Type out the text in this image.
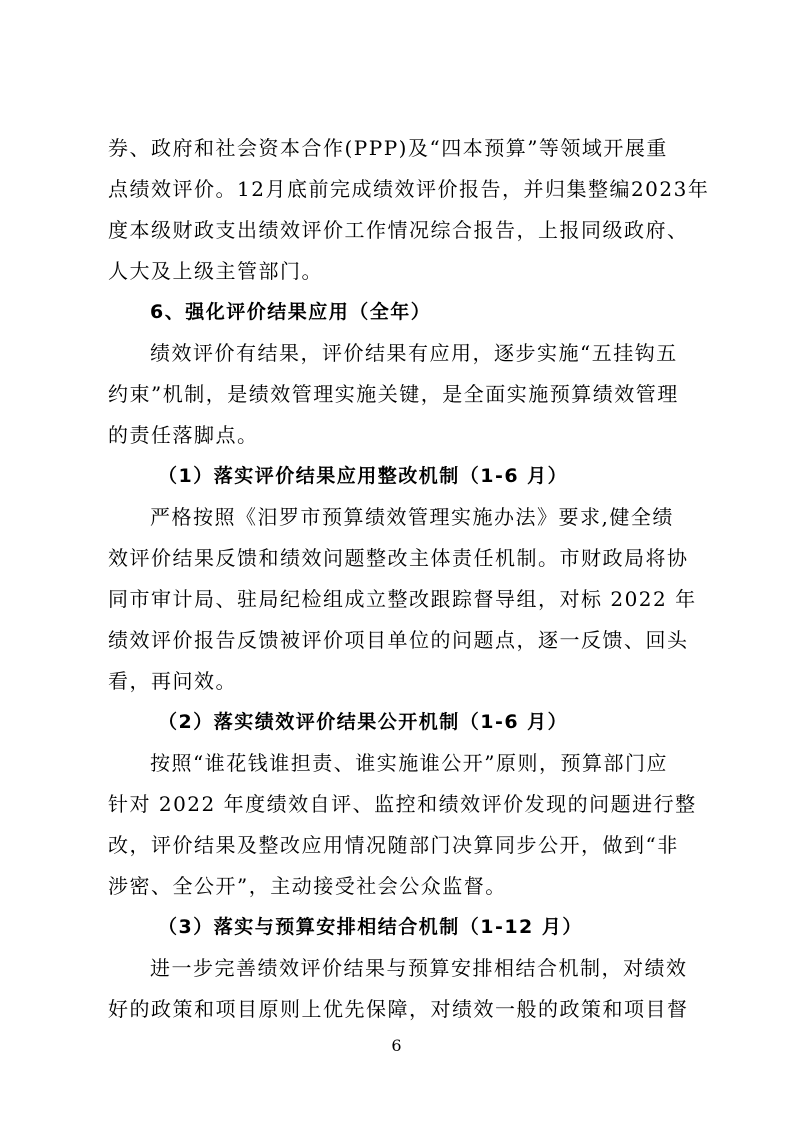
券、政府和社会资本合作(PPP)及“四本预算”等领域开展重
点绩效评价。12月底前完成绩效评价报告，并归集整编2023年
度本级财政支出绩效评价工作情况综合报告，上报同级政府、
人大及上级主管部门。
6、强化评价结果应用（全年）
绩效评价有结果，评价结果有应用，逐步实施“五挂钩五
约束”机制，是绩效管理实施关键，是全面实施预算绩效管理
的责任落脚点。
（1）落实评价结果应用整改机制（1-6 月）
严格按照《汨罗市预算绩效管理实施办法》要求,健全绩
效评价结果反馈和绩效问题整改主体责任机制。市财政局将协
同市审计局、驻局纪检组成立整改跟踪督导组，对标 2022 年
绩效评价报告反馈被评价项目单位的问题点，逐一反馈、回头
看，再问效。
（2）落实绩效评价结果公开机制（1-6 月）
按照“谁花钱谁担责、谁实施谁公开”原则，预算部门应
针对 2022 年度绩效自评、监控和绩效评价发现的问题进行整
改，评价结果及整改应用情况随部门决算同步公开，做到“非
涉密、全公开”，主动接受社会公众监督。
（3）落实与预算安排相结合机制（1-12 月）
进一步完善绩效评价结果与预算安排相结合机制，对绩效
好的政策和项目原则上优先保障，对绩效一般的政策和项目督
6
